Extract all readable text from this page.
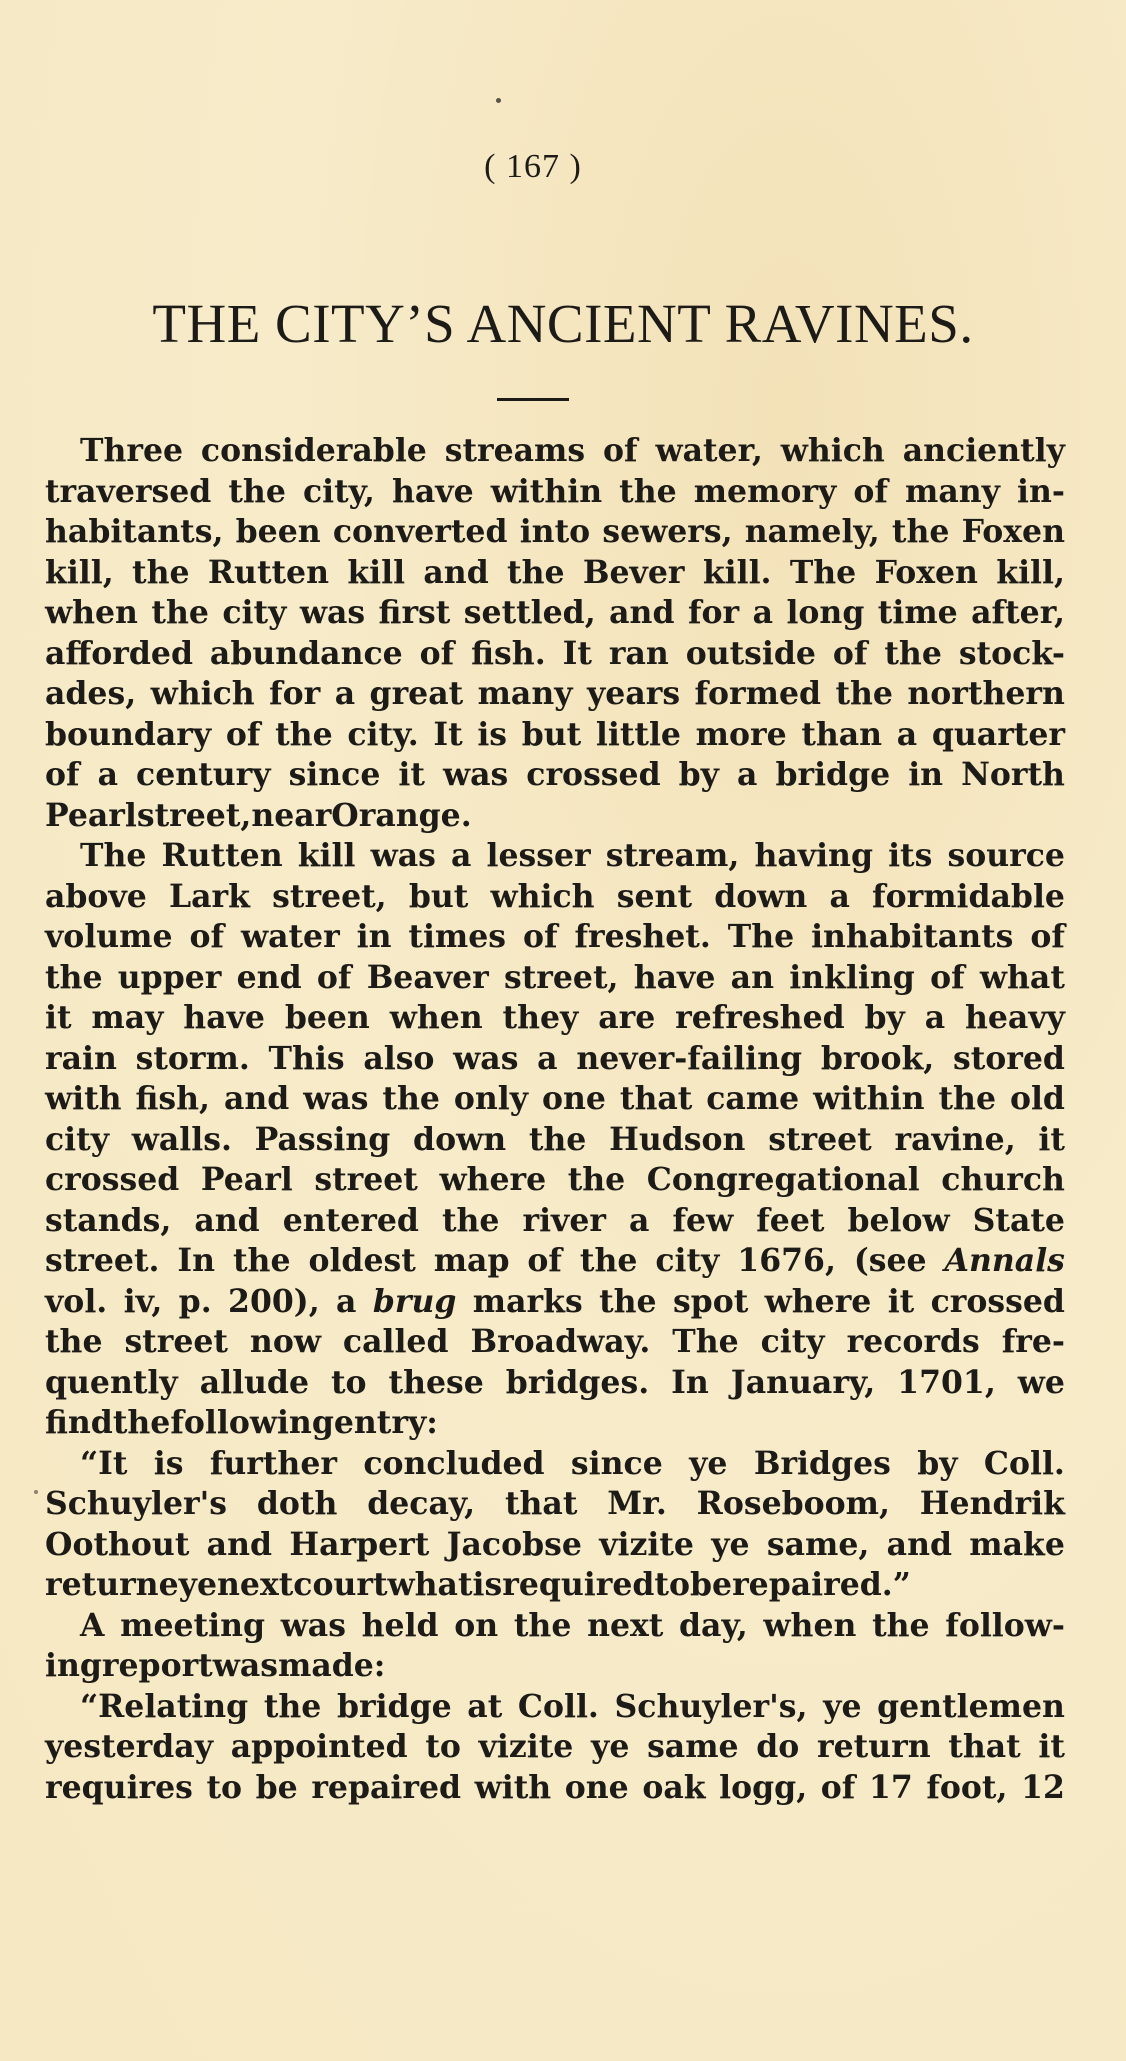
( 167 )
THE CITY’S ANCIENT RAVINES.
Three considerable streams of water, which anciently
traversed the city, have within the memory of many in-
habitants, been converted into sewers, namely, the Foxen
kill, the Rutten kill and the Bever kill. The Foxen kill,
when the city was first settled, and for a long time after,
afforded abundance of fish. It ran outside of the stock-
ades, which for a great many years formed the northern
boundary of the city. It is but little more than a quarter
of a century since it was crossed by a bridge in North
Pearl street, near Orange.
The Rutten kill was a lesser stream, having its source
above Lark street, but which sent down a formidable
volume of water in times of freshet. The inhabitants of
the upper end of Beaver street, have an inkling of what
it may have been when they are refreshed by a heavy
rain storm. This also was a never-failing brook, stored
with fish, and was the only one that came within the old
city walls. Passing down the Hudson street ravine, it
crossed Pearl street where the Congregational church
stands, and entered the river a few feet below State
street. In the oldest map of the city 1676, (see Annals
vol. iv, p. 200), a brug marks the spot where it crossed
the street now called Broadway. The city records fre-
quently allude to these bridges. In January, 1701, we
find the following entry:
“It is further concluded since ye Bridges by Coll.
Schuyler's doth decay, that Mr. Roseboom, Hendrik
Oothout and Harpert Jacobse vizite ye same, and make
returne ye next court what is required to be repaired.”
A meeting was held on the next day, when the follow-
ing report was made:
“Relating the bridge at Coll. Schuyler's, ye gentlemen
yesterday appointed to vizite ye same do return that it
requires to be repaired with one oak logg, of 17 foot, 12
